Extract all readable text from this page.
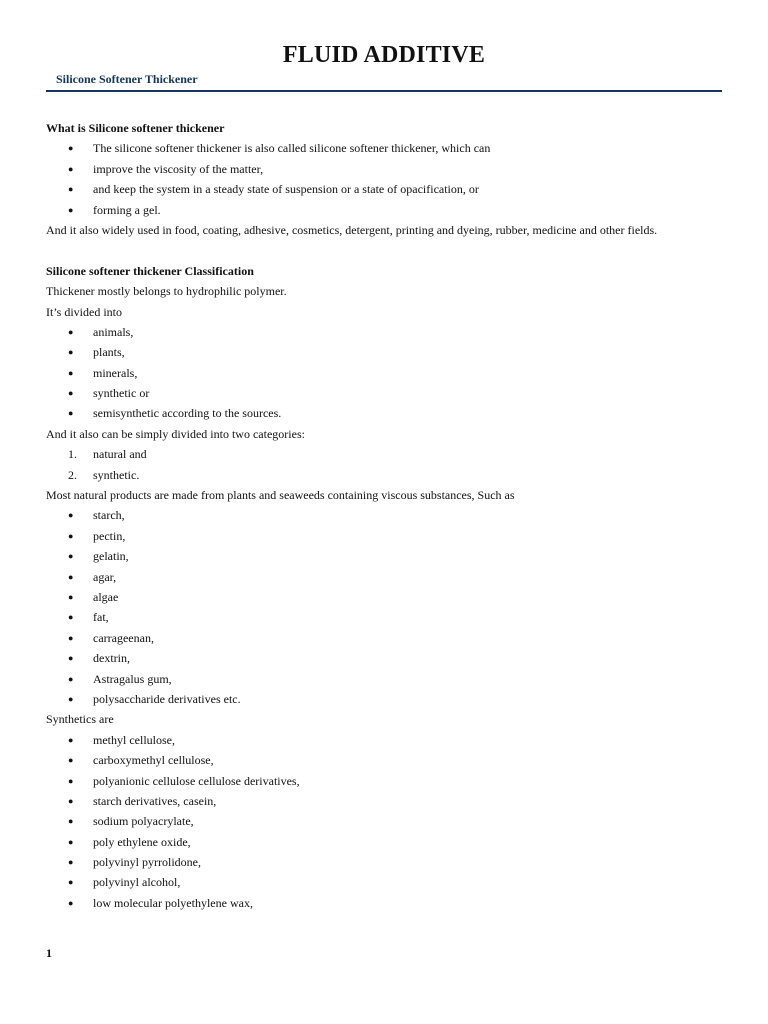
FLUID ADDITIVE
Silicone Softener Thickener
What is Silicone softener thickener
● The silicone softener thickener is also called silicone softener thickener, which can
● improve the viscosity of the matter,
● and keep the system in a steady state of suspension or a state of opacification, or
● forming a gel.
And it also widely used in food, coating, adhesive, cosmetics, detergent, printing and dyeing, rubber, medicine and other fields.
Silicone softener thickener Classification
Thickener mostly belongs to hydrophilic polymer.
It’s divided into
● animals,
● plants,
● minerals,
● synthetic or
● semisynthetic according to the sources.
And it also can be simply divided into two categories:
1. natural and
2. synthetic.
Most natural products are made from plants and seaweeds containing viscous substances, Such as
● starch,
● pectin,
● gelatin,
● agar,
● algae
● fat,
● carrageenan,
● dextrin,
● Astragalus gum,
● polysaccharide derivatives etc.
Synthetics are
● methyl cellulose,
● carboxymethyl cellulose,
● polyanionic cellulose cellulose derivatives,
● starch derivatives, casein,
● sodium polyacrylate,
● poly ethylene oxide,
● polyvinyl pyrrolidone,
● polyvinyl alcohol,
● low molecular polyethylene wax,
1
